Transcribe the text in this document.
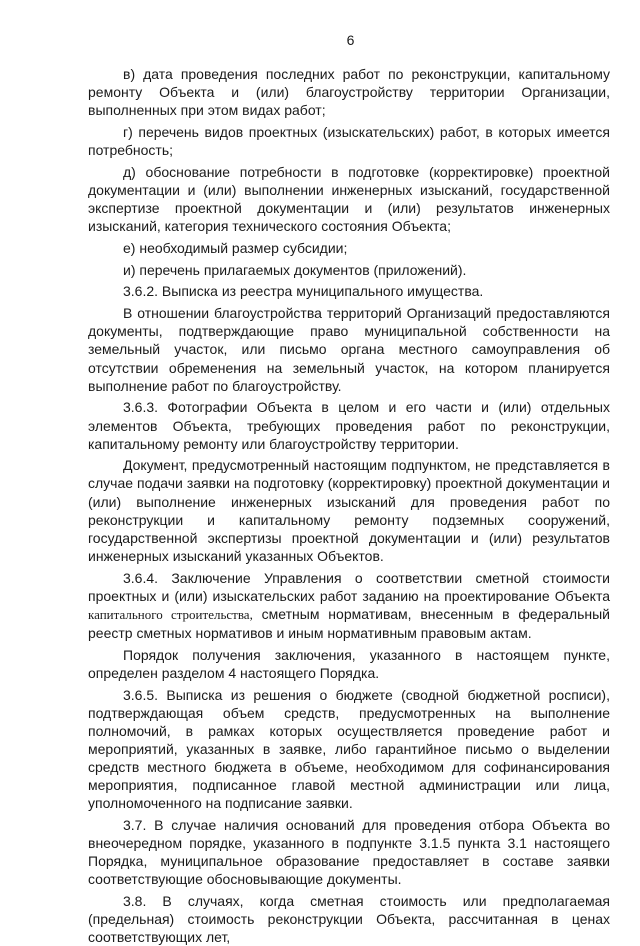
6

в) дата проведения последних работ по реконструкции, капитальному ремонту Объекта и (или) благоустройству территории Организации, выполненных при этом видах работ;

г) перечень видов проектных (изыскательских) работ, в которых имеется потребность;

д) обоснование потребности в подготовке (корректировке) проектной документации и (или) выполнении инженерных изысканий, государственной экспертизе проектной документации и (или) результатов инженерных изысканий, категория технического состояния Объекта;

е) необходимый размер субсидии;

и) перечень прилагаемых документов (приложений).

3.6.2. Выписка из реестра муниципального имущества.

В отношении благоустройства территорий Организаций предоставляются документы, подтверждающие право муниципальной собственности на земельный участок, или письмо органа местного самоуправления об отсутствии обременения на земельный участок, на котором планируется выполнение работ по благоустройству.

3.6.3. Фотографии Объекта в целом и его части и (или) отдельных элементов Объекта, требующих проведения работ по реконструкции, капитальному ремонту или благоустройству территории.

Документ, предусмотренный настоящим подпунктом, не представляется в случае подачи заявки на подготовку (корректировку) проектной документации и (или) выполнение инженерных изысканий для проведения работ по реконструкции и капитальному ремонту подземных сооружений, государственной экспертизы проектной документации и (или) результатов инженерных изысканий указанных Объектов.

3.6.4. Заключение Управления о соответствии сметной стоимости проектных и (или) изыскательских работ заданию на проектирование Объекта капитального строительства, сметным нормативам, внесенным в федеральный реестр сметных нормативов и иным нормативным правовым актам.

Порядок получения заключения, указанного в настоящем пункте, определен разделом 4 настоящего Порядка.

3.6.5. Выписка из решения о бюджете (сводной бюджетной росписи), подтверждающая объем средств, предусмотренных на выполнение полномочий, в рамках которых осуществляется проведение работ и мероприятий, указанных в заявке, либо гарантийное письмо о выделении средств местного бюджета в объеме, необходимом для софинансирования мероприятия, подписанное главой местной администрации или лица, уполномоченного на подписание заявки.

3.7. В случае наличия оснований для проведения отбора Объекта во внеочередном порядке, указанного в подпункте 3.1.5 пункта 3.1 настоящего Порядка, муниципальное образование предоставляет в составе заявки соответствующие обосновывающие документы.

3.8. В случаях, когда сметная стоимость или предполагаемая (предельная) стоимость реконструкции Объекта, рассчитанная в ценах соответствующих лет,
